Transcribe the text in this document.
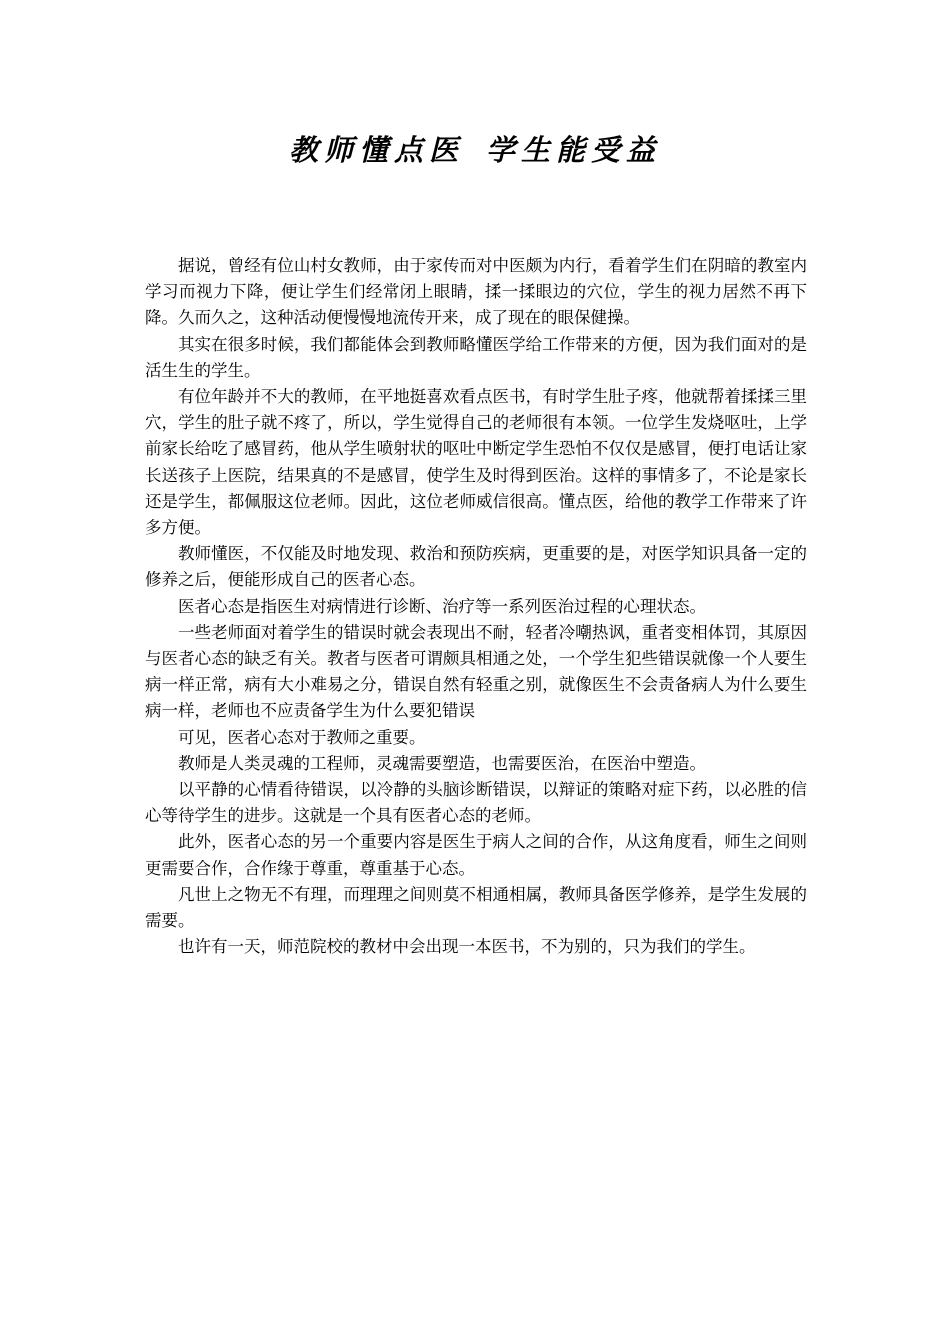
教师懂点医 学生能受益

据说，曾经有位山村女教师，由于家传而对中医颇为内行，看着学生们在阴暗的教室内学习而视力下降，便让学生们经常闭上眼睛，揉一揉眼边的穴位，学生的视力居然不再下降。久而久之，这种活动便慢慢地流传开来，成了现在的眼保健操。

其实在很多时候，我们都能体会到教师略懂医学给工作带来的方便，因为我们面对的是活生生的学生。

有位年龄并不大的教师，在平地挺喜欢看点医书，有时学生肚子疼，他就帮着揉揉三里穴，学生的肚子就不疼了，所以，学生觉得自己的老师很有本领。一位学生发烧呕吐，上学前家长给吃了感冒药，他从学生喷射状的呕吐中断定学生恐怕不仅仅是感冒，便打电话让家长送孩子上医院，结果真的不是感冒，使学生及时得到医治。这样的事情多了，不论是家长还是学生，都佩服这位老师。因此，这位老师威信很高。懂点医，给他的教学工作带来了许多方便。

教师懂医，不仅能及时地发现、救治和预防疾病，更重要的是，对医学知识具备一定的修养之后，便能形成自己的医者心态。

医者心态是指医生对病情进行诊断、治疗等一系列医治过程的心理状态。

一些老师面对着学生的错误时就会表现出不耐，轻者冷嘲热讽，重者变相体罚，其原因与医者心态的缺乏有关。教者与医者可谓颇具相通之处，一个学生犯些错误就像一个人要生病一样正常，病有大小难易之分，错误自然有轻重之别，就像医生不会责备病人为什么要生病一样，老师也不应责备学生为什么要犯错误

可见，医者心态对于教师之重要。

教师是人类灵魂的工程师，灵魂需要塑造，也需要医治，在医治中塑造。

以平静的心情看待错误，以冷静的头脑诊断错误，以辩证的策略对症下药，以必胜的信心等待学生的进步。这就是一个具有医者心态的老师。

此外，医者心态的另一个重要内容是医生于病人之间的合作，从这角度看，师生之间则更需要合作，合作缘于尊重，尊重基于心态。

凡世上之物无不有理，而理理之间则莫不相通相属，教师具备医学修养，是学生发展的需要。

也许有一天，师范院校的教材中会出现一本医书，不为别的，只为我们的学生。
